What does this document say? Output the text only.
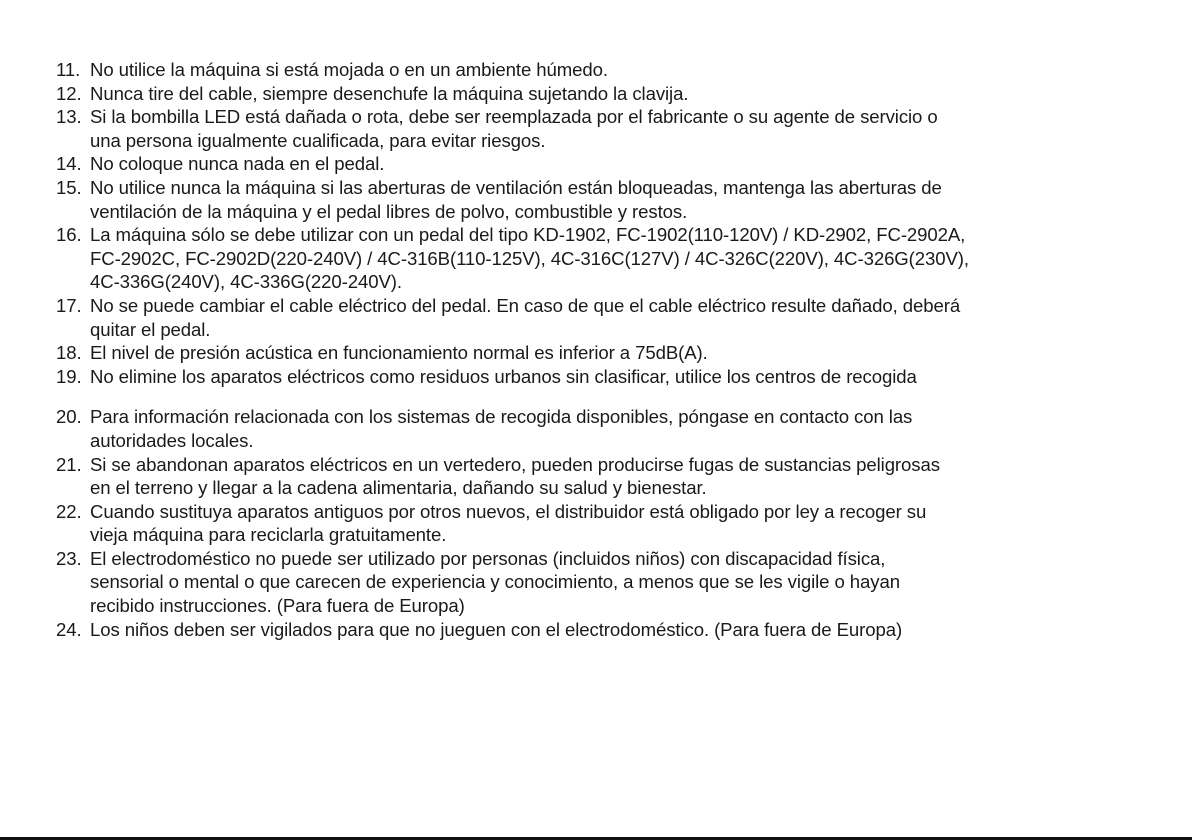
11. No utilice la máquina si está mojada o en un ambiente húmedo.
12. Nunca tire del cable, siempre desenchufe la máquina sujetando la clavija.
13. Si la bombilla LED está dañada o rota, debe ser reemplazada por el fabricante o su agente de servicio o
una persona igualmente cualificada, para evitar riesgos.
14. No coloque nunca nada en el pedal.
15. No utilice nunca la máquina si las aberturas de ventilación están bloqueadas, mantenga las aberturas de
ventilación de la máquina y el pedal libres de polvo, combustible y restos.
16. La máquina sólo se debe utilizar con un pedal del tipo KD-1902, FC-1902(110-120V) / KD-2902, FC-2902A,
FC-2902C, FC-2902D(220-240V) / 4C-316B(110-125V), 4C-316C(127V) / 4C-326C(220V), 4C-326G(230V),
4C-336G(240V), 4C-336G(220-240V).
17. No se puede cambiar el cable eléctrico del pedal. En caso de que el cable eléctrico resulte dañado, deberá
quitar el pedal.
18. El nivel de presión acústica en funcionamiento normal es inferior a 75dB(A).
19. No elimine los aparatos eléctricos como residuos urbanos sin clasificar, utilice los centros de recogida
20. Para información relacionada con los sistemas de recogida disponibles, póngase en contacto con las
autoridades locales.
21. Si se abandonan aparatos eléctricos en un vertedero, pueden producirse fugas de sustancias peligrosas
en el terreno y llegar a la cadena alimentaria, dañando su salud y bienestar.
22. Cuando sustituya aparatos antiguos por otros nuevos, el distribuidor está obligado por ley a recoger su
vieja máquina para reciclarla gratuitamente.
23. El electrodoméstico no puede ser utilizado por personas (incluidos niños) con discapacidad física,
sensorial o mental o que carecen de experiencia y conocimiento, a menos que se les vigile o hayan
recibido instrucciones. (Para fuera de Europa)
24. Los niños deben ser vigilados para que no jueguen con el electrodoméstico. (Para fuera de Europa)
